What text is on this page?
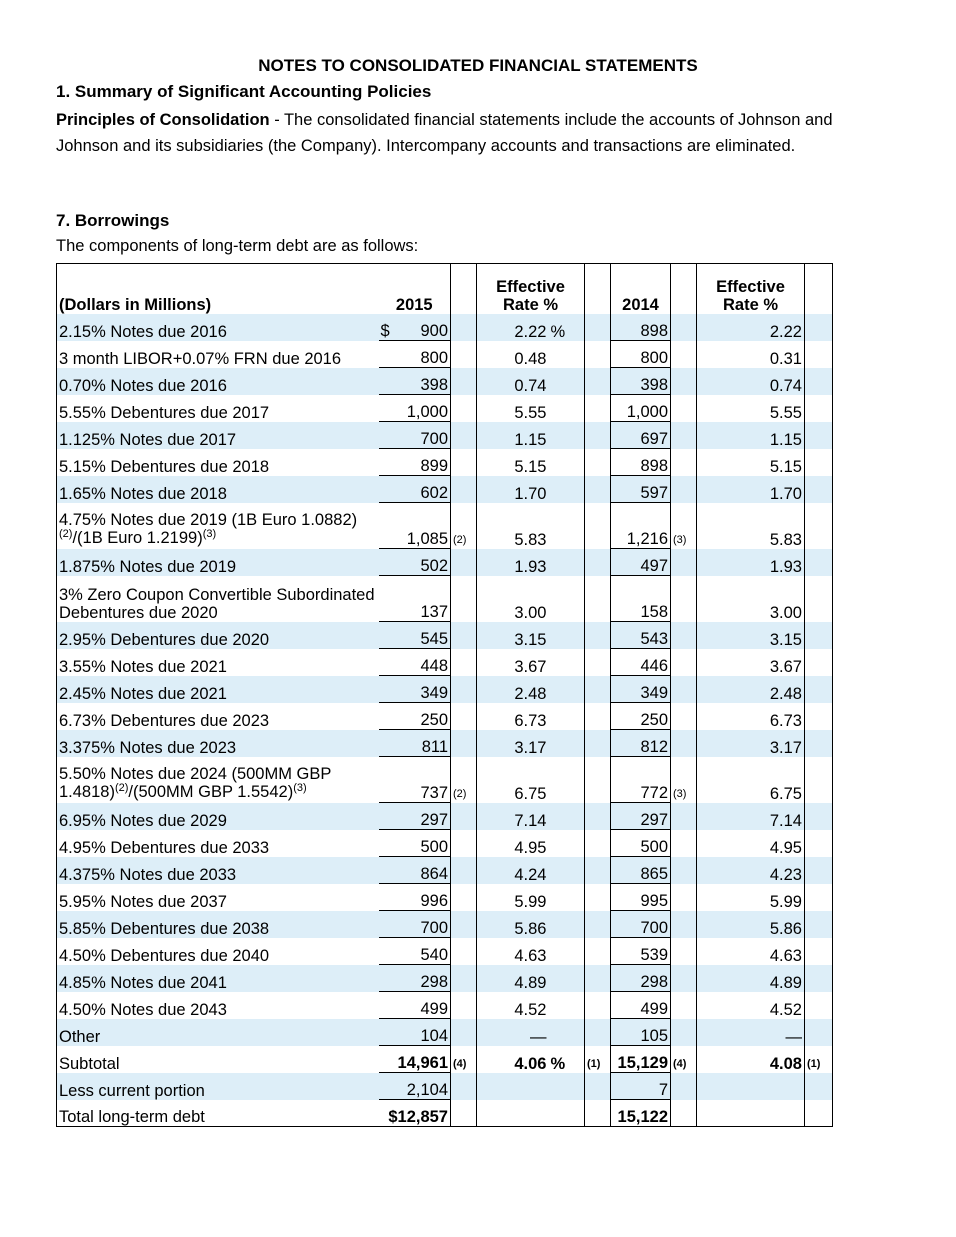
NOTES TO CONSOLIDATED FINANCIAL STATEMENTS
1. Summary of Significant Accounting Policies
Principles of Consolidation - The consolidated financial statements include the accounts of Johnson and Johnson and its subsidiaries (the Company). Intercompany accounts and transactions are eliminated.
7. Borrowings
The components of long-term debt are as follows:
(Dollars in Millions)	2015		Effective Rate %			2014		Effective Rate %	
2.15% Notes due 2016	$ 900		2.22	%		898		2.22	
3 month LIBOR+0.07% FRN due 2016	800		0.48			800		0.31	
0.70% Notes due 2016	398		0.74			398		0.74	
5.55% Debentures due 2017	1,000		5.55			1,000		5.55	
1.125% Notes due 2017	700		1.15			697		1.15	
5.15% Debentures due 2018	899		5.15			898		5.15	
1.65% Notes due 2018	602		1.70			597		1.70	
4.75% Notes due 2019 (1B Euro 1.0882)$^{(2)}$/(1B Euro 1.2199)$^{(3)}$	1,085	(2)	5.83			1,216	(3)	5.83	
1.875% Notes due 2019	502		1.93			497		1.93	
3% Zero Coupon Convertible Subordinated Debentures due 2020	137		3.00			158		3.00	
2.95% Debentures due 2020	545		3.15			543		3.15	
3.55% Notes due 2021	448		3.67			446		3.67	
2.45% Notes due 2021	349		2.48			349		2.48	
6.73% Debentures due 2023	250		6.73			250		6.73	
3.375% Notes due 2023	811		3.17			812		3.17	
5.50% Notes due 2024 (500MM GBP 1.4818)$^{(2)}$/(500MM GBP 1.5542)$^{(3)}$	737	(2)	6.75			772	(3)	6.75	
6.95% Notes due 2029	297		7.14			297		7.14	
4.95% Debentures due 2033	500		4.95			500		4.95	
4.375% Notes due 2033	864		4.24			865		4.23	
5.95% Notes due 2037	996		5.99			995		5.99	
5.85% Debentures due 2038	700		5.86			700		5.86	
4.50% Debentures due 2040	540		4.63			539		4.63	
4.85% Notes due 2041	298		4.89			298		4.89	
4.50% Notes due 2043	499		4.52			499		4.52	
Other	104		—			105		—	
Subtotal	14,961	(4)	4.06	%	(1)	15,129	(4)	4.08	(1)
Less current portion	2,104					7			
Total long-term debt	$12,857					15,122			
